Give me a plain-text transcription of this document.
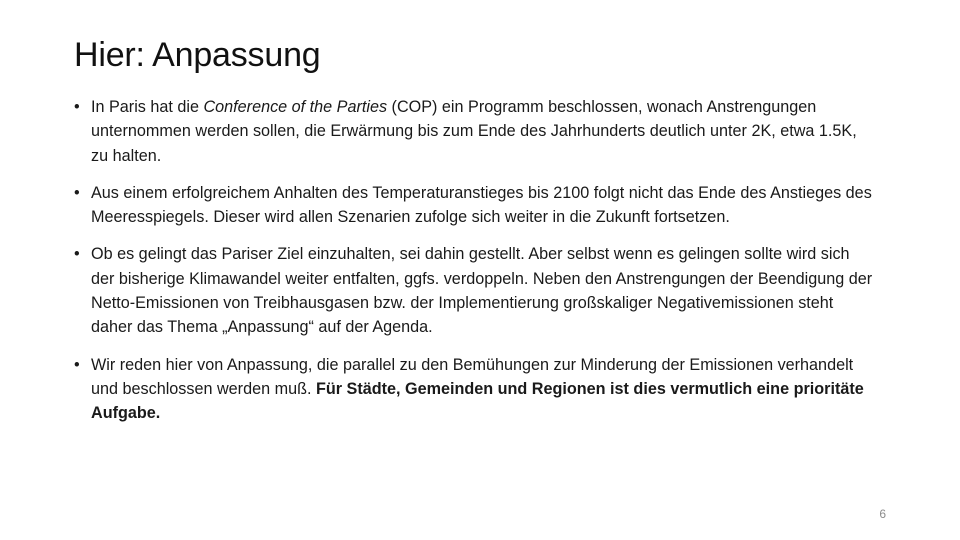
Hier: Anpassung
• In Paris hat die Conference of the Parties (COP) ein Programm beschlossen, wonach Anstrengungen unternommen werden sollen, die Erwärmung bis zum Ende des Jahrhunderts deutlich unter 2K, etwa 1.5K, zu halten.
• Aus einem erfolgreichem Anhalten des Temperaturanstieges bis 2100 folgt nicht das Ende des Anstieges des Meeresspiegels. Dieser wird allen Szenarien zufolge sich weiter in die Zukunft fortsetzen.
• Ob es gelingt das Pariser Ziel einzuhalten, sei dahin gestellt. Aber selbst wenn es gelingen sollte wird sich der bisherige Klimawandel weiter entfalten, ggfs. verdoppeln. Neben den Anstrengungen der Beendigung der Netto-Emissionen von Treibhausgasen bzw. der Implementierung großskaliger Negativemissionen steht daher das Thema „Anpassung“ auf der Agenda.
• Wir reden hier von Anpassung, die parallel zu den Bemühungen zur Minderung der Emissionen verhandelt und beschlossen werden muß. Für Städte, Gemeinden und Regionen ist dies vermutlich eine prioritäte Aufgabe.
6
